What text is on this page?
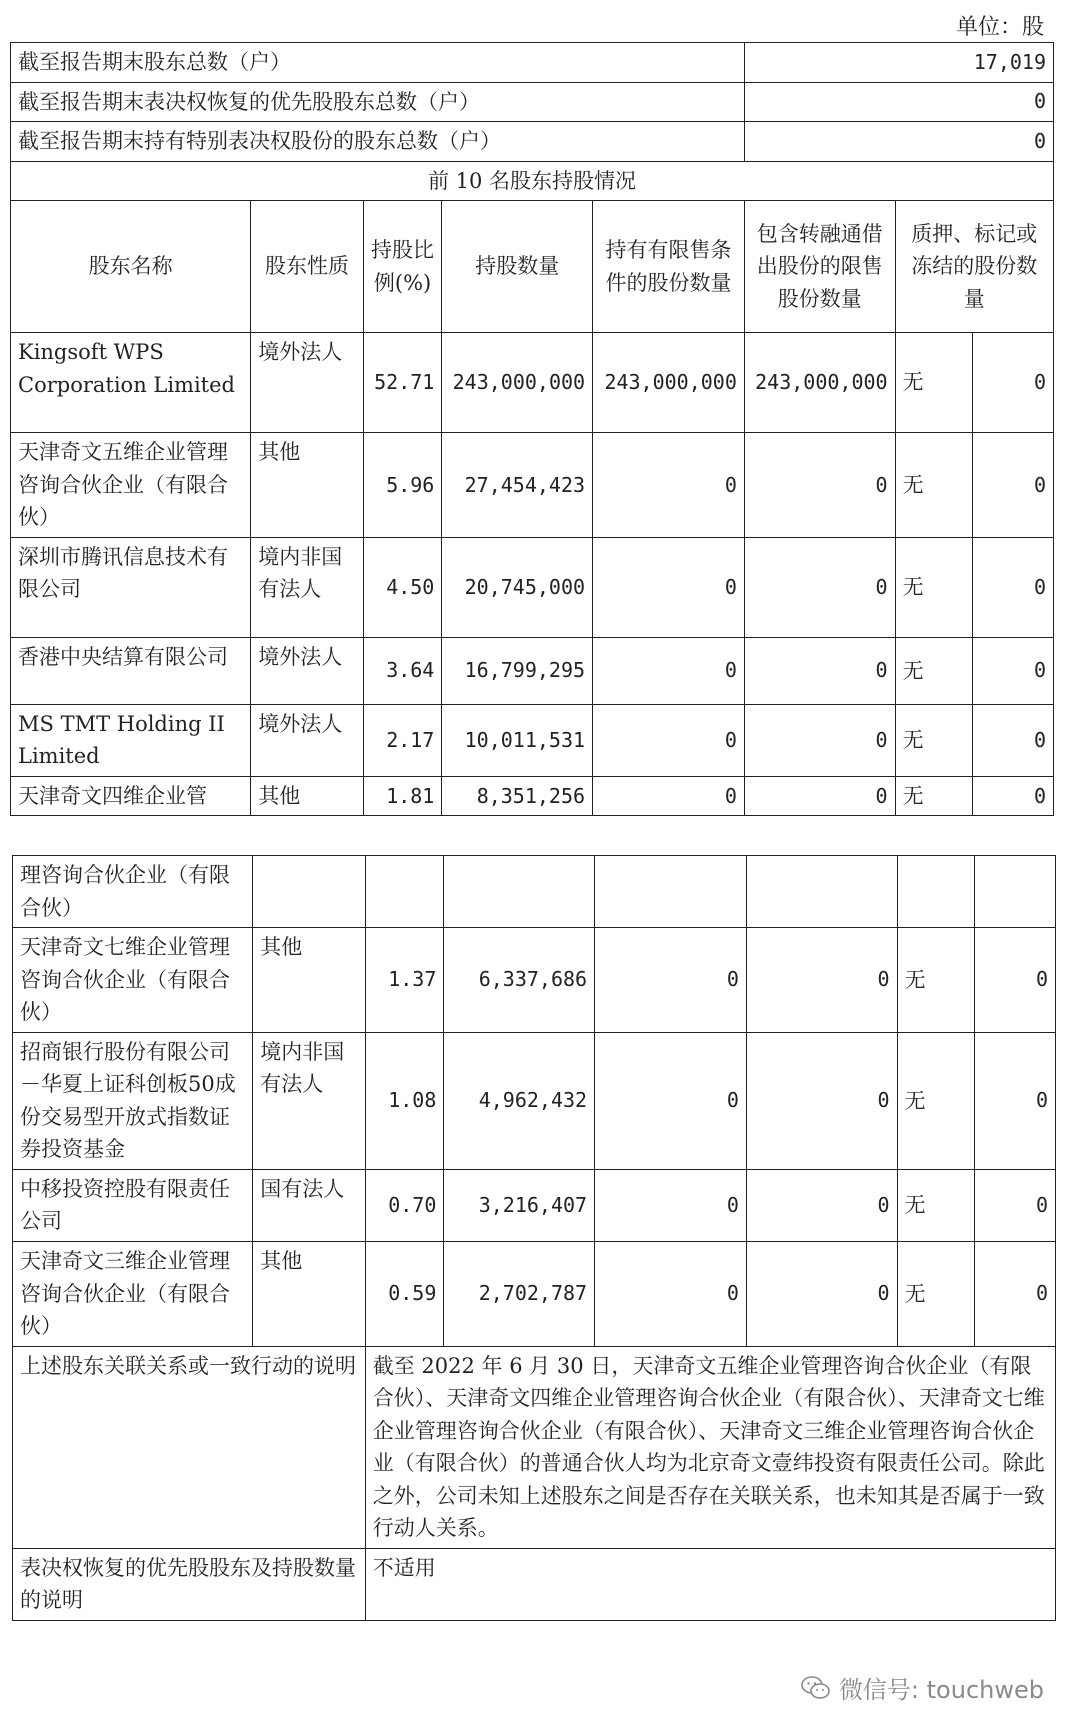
单位：股
截至报告期末股东总数（户）					17,019		
截至报告期末表决权恢复的优先股股东总数（户）					0		
截至报告期末持有特别表决权股份的股东总数（户）					0		
前 10 名股东持股情况							
股东名称	股东性质	持股比例(%)	持股数量	持有有限售条件的股份数量	包含转融通借出股份的限售股份数量	质押、标记或冻结的股份数量	
Kingsoft WPS Corporation Limited	境外法人	52.71	243,000,000	243,000,000	243,000,000	无	0
天津奇文五维企业管理咨询合伙企业（有限合伙）	其他	5.96	27,454,423	0	0	无	0
深圳市腾讯信息技术有限公司	境内非国有法人	4.50	20,745,000	0	0	无	0
香港中央结算有限公司	境外法人	3.64	16,799,295	0	0	无	0
MS TMT Holding II Limited	境外法人	2.17	10,011,531	0	0	无	0
天津奇文四维企业管	其他	1.81	8,351,256	0	0	无	0
理咨询合伙企业（有限合伙）							
天津奇文七维企业管理咨询合伙企业（有限合伙）	其他	1.37	6,337,686	0	0	无	0
招商银行股份有限公司－华夏上证科创板50成份交易型开放式指数证券投资基金	境内非国有法人	1.08	4,962,432	0	0	无	0
中移投资控股有限责任公司	国有法人	0.70	3,216,407	0	0	无	0
天津奇文三维企业管理咨询合伙企业（有限合伙）	其他	0.59	2,702,787	0	0	无	0
上述股东关联关系或一致行动的说明		截至 2022 年 6 月 30 日，天津奇文五维企业管理咨询合伙企业（有限合伙）、天津奇文四维企业管理咨询合伙企业（有限合伙）、天津奇文七维企业管理咨询合伙企业（有限合伙）、天津奇文三维企业管理咨询合伙企业（有限合伙）的普通合伙人均为北京奇文壹纬投资有限责任公司。除此之外，公司未知上述股东之间是否存在关联关系，也未知其是否属于一致行动人关系。					
表决权恢复的优先股股东及持股数量的说明		不适用					
微信号: touchweb
